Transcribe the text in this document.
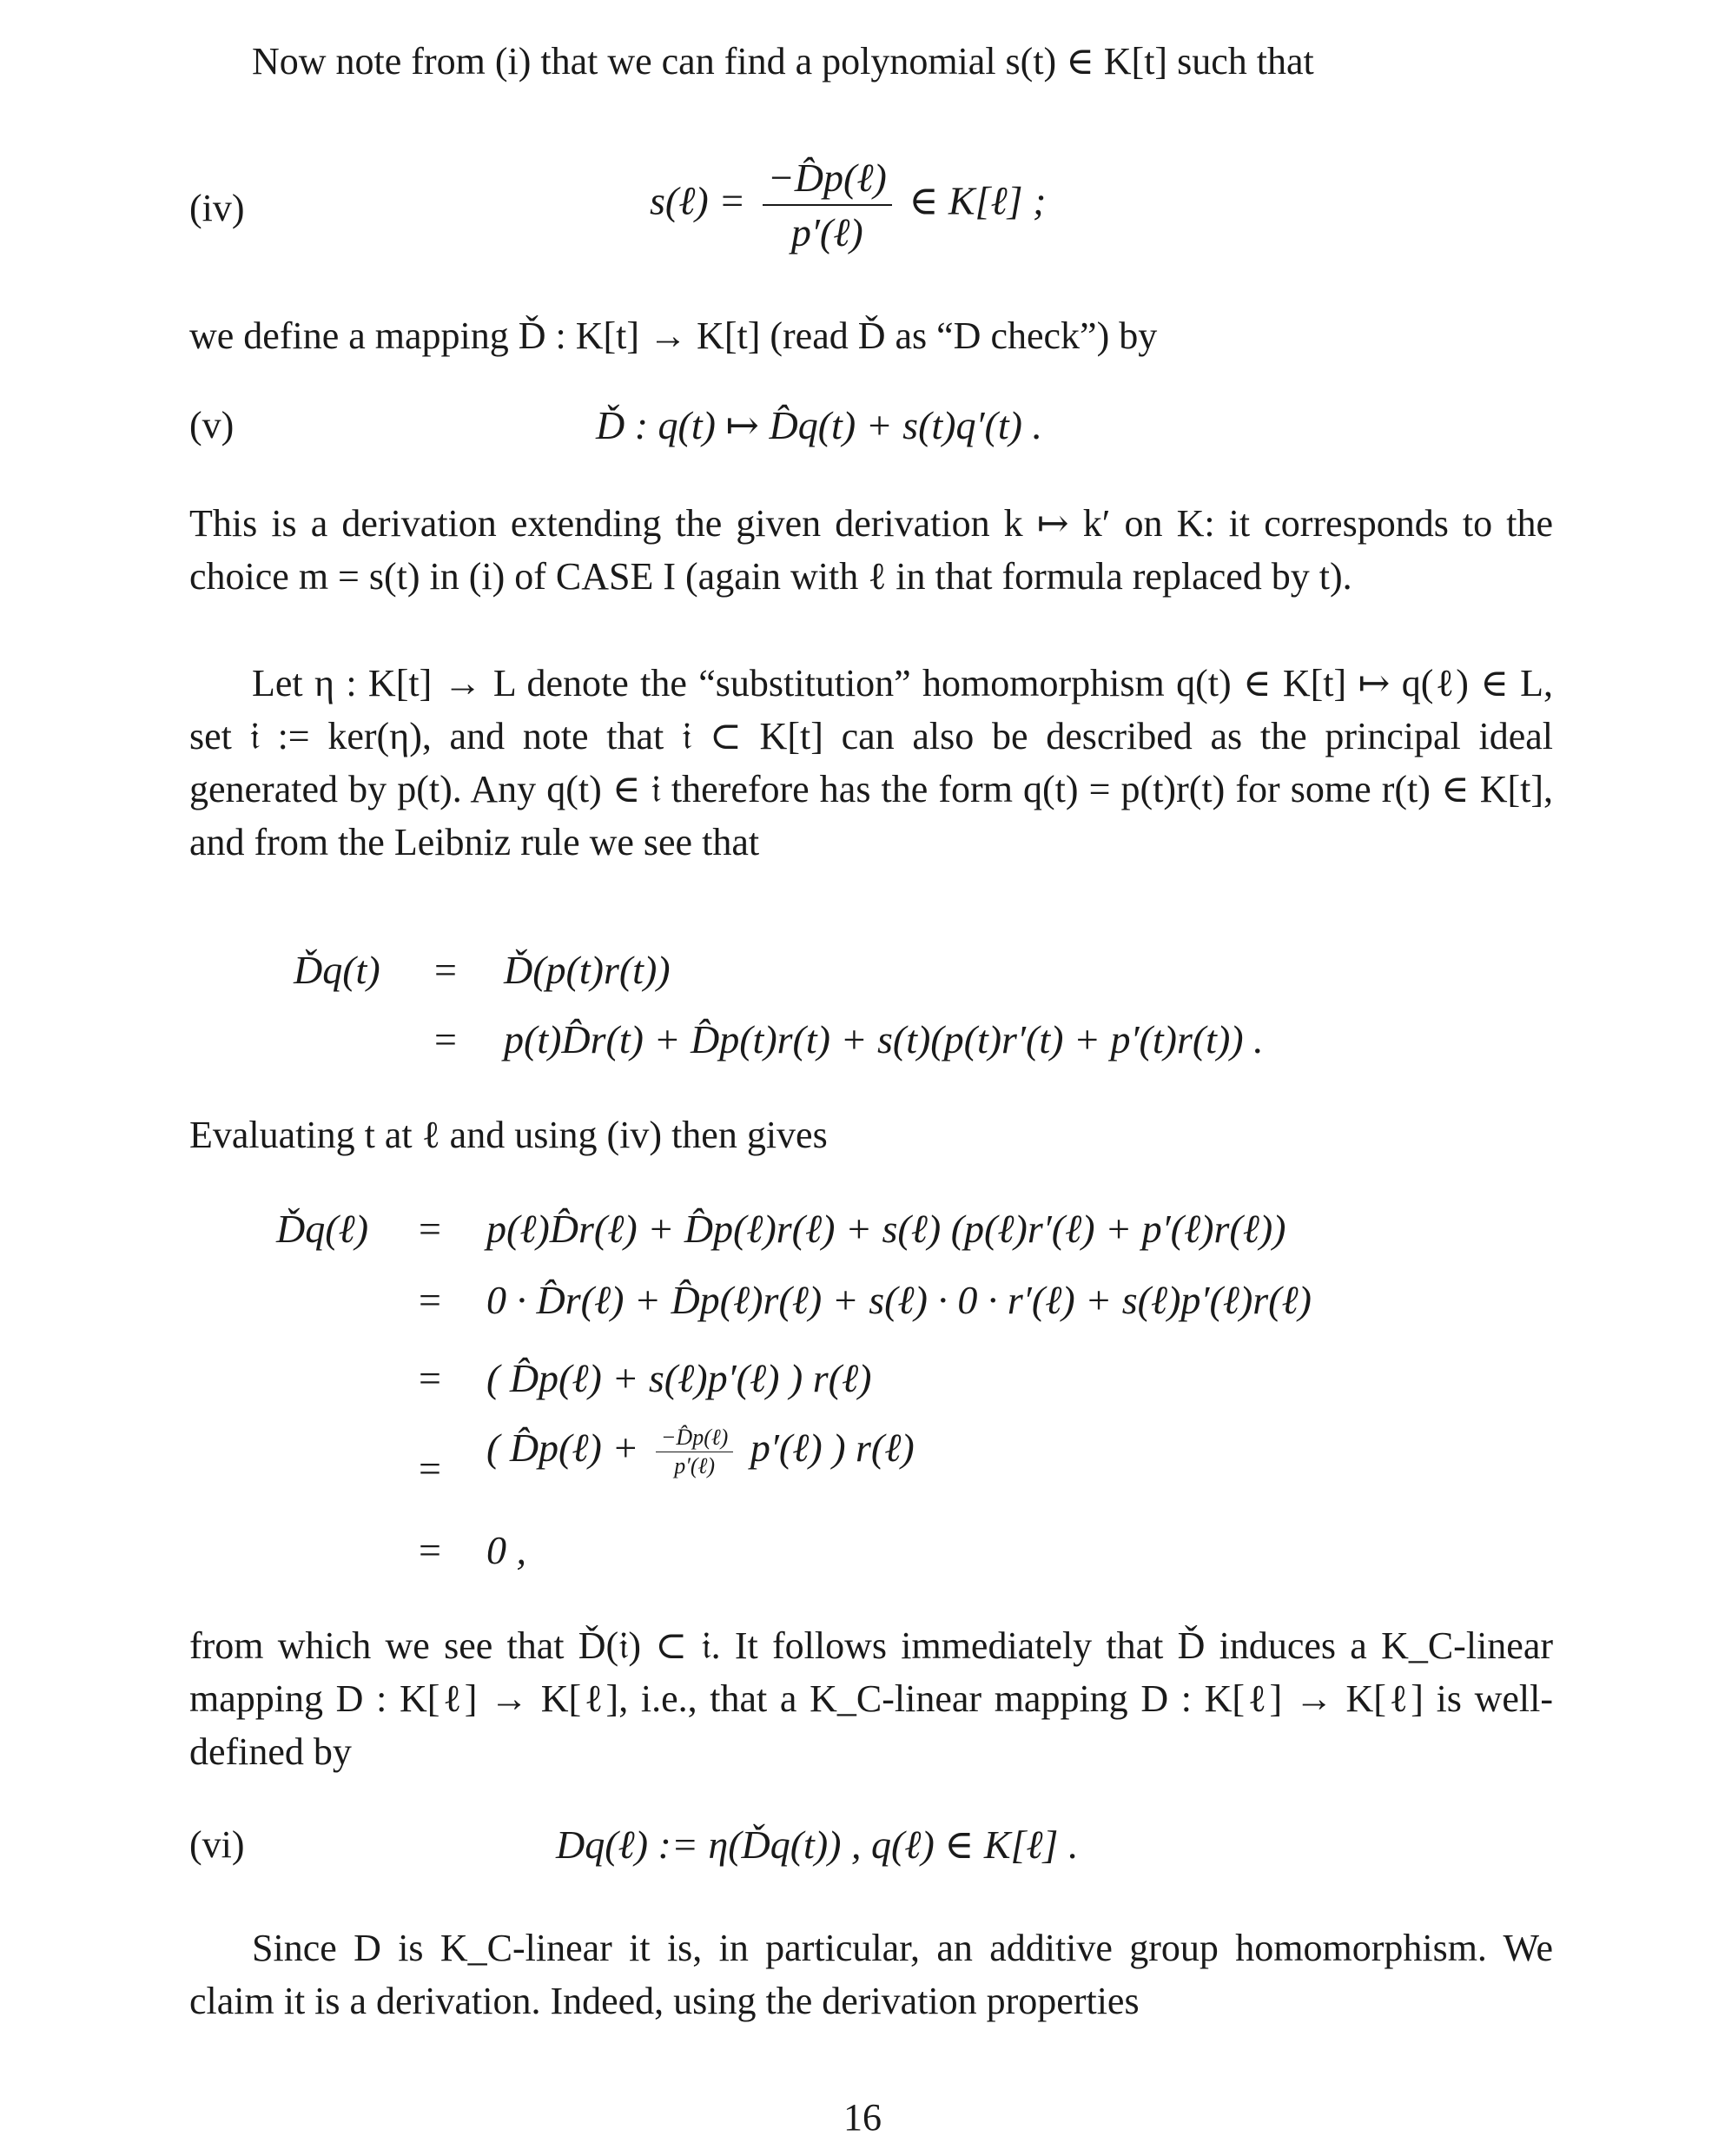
Now note from (i) that we can find a polynomial s(t) ∈ K[t] such that
(iv)	s(ℓ) = $\frac{\text{−D̂p(ℓ)}}{\text{p′(ℓ)}}$ ∈ K[ℓ] ;
we define a mapping Ď : K[t] → K[t] (read Ď as “D check”) by
(v)	Ď : q(t) ↦ D̂q(t) + s(t)q′(t) .
This is a derivation extending the given derivation k ↦ k′ on K: it corresponds to the choice m = s(t) in (i) of CASE I (again with ℓ in that formula replaced by t).
Let η : K[t] → L denote the “substitution” homomorphism q(t) ∈ K[t] ↦ q(ℓ) ∈ L, set 𝔦 := ker(η), and note that 𝔦 ⊂ K[t] can also be described as the principal ideal generated by p(t). Any q(t) ∈ 𝔦 therefore has the form q(t) = p(t)r(t) for some r(t) ∈ K[t], and from the Leibniz rule we see that
Ďq(t) = Ď(p(t)r(t))
= p(t)D̂r(t) + D̂p(t)r(t) + s(t)(p(t)r′(t) + p′(t)r(t)) .
Evaluating t at ℓ and using (iv) then gives
Ďq(ℓ) = p(ℓ)D̂r(ℓ) + D̂p(ℓ)r(ℓ) + s(ℓ) (p(ℓ)r′(ℓ) + p′(ℓ)r(ℓ))
= 0 · D̂r(ℓ) + D̂p(ℓ)r(ℓ) + s(ℓ) · 0 · r′(ℓ) + s(ℓ)p′(ℓ)r(ℓ)
= ( D̂p(ℓ) + s(ℓ)p′(ℓ) ) r(ℓ)
= ( D̂p(ℓ) + $\frac{\text{−D̂p(ℓ)}}{\text{p′(ℓ)}}$ p′(ℓ) ) r(ℓ)
= 0 ,
from which we see that Ď(𝔦) ⊂ 𝔦. It follows immediately that Ď induces a K_C-linear mapping D : K[ℓ] → K[ℓ], i.e., that a K_C-linear mapping D : K[ℓ] → K[ℓ] is well-defined by
(vi)	Dq(ℓ) := η(Ďq(t)) , q(ℓ) ∈ K[ℓ] .
Since D is K_C-linear it is, in particular, an additive group homomorphism. We claim it is a derivation. Indeed, using the derivation properties
16
